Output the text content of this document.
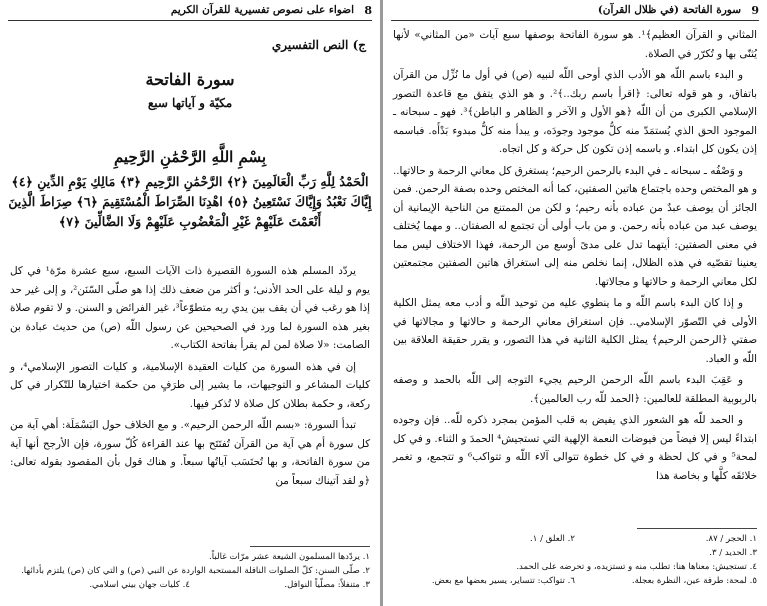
8
اضواء على نصوص تفسيرية للقرآن الكريم
ج) النص التفسيري
سورة الفاتحة
مكيّة و آياتها سبع
بِسْمِ اللَّهِ الرَّحْمَٰنِ الرَّحِيمِ
الْحَمْدُ لِلَّهِ رَبِّ الْعَالَمِينَ ﴿٢﴾ الرَّحْمَٰنِ الرَّحِيمِ ﴿٣﴾ مَالِكِ يَوْمِ الدِّينِ ﴿٤﴾ إِيَّاكَ نَعْبُدُ وَإِيَّاكَ نَسْتَعِينُ ﴿٥﴾ اهْدِنَا الصِّرَاطَ الْمُسْتَقِيمَ ﴿٦﴾ صِرَاطَ الَّذِينَ أَنْعَمْتَ عَلَيْهِمْ غَيْرِ الْمَغْضُوبِ عَلَيْهِمْ وَلَا الضَّالِّينَ ﴿٧﴾

يردّد المسلم هذه السورة القصيرة ذات الآيات السبع، سبع عشرة مرّة¹ في كل يوم و ليلة على الحد الأدنى؛ و أكثر من ضعف ذلك إذا هو صلّى السّنَن²، و إلى غير حد إذا هو رغب في أن يقف بين يدي ربه متطوّعاً³، غير الفرائض و السنن. و لا تقوم صلاة بغير هذه السورة لما ورد في الصحيحين عن رسول اللّه (ص) من حديث عبادة بن الصامت: «لا صلاة لمن لم يقرأ بفاتحة الكتاب».

إن في هذه السورة من كليات العقيدة الإسلامية، و كليات التصور الإسلامي⁴، و كليات المشاعر و التوجيهات، ما يشير إلى طرَفٍ من حكمة اختيارها للتّكرار في كل ركعة، و حكمة بطلان كل صلاة لا تُذكر فيها.

تبدأ السورة: «بسم اللّه الرحمن الرحيم». و مع الخلاف حول البَسْمَلَة: أهي آية من كل سورة أم هي آية من القرآن تُفتَتَح بها عند القراءة كُلّ سورة، فإن الأرجح أنها آية من سورة الفاتحة، و بها تُحتَسَب آياتُها سبعاً. و هناك قول بأن المقصود بقوله تعالى: ﴿و لقد آتيناك سبعاً من

١. يردّدها المسلمون الشيعة عشر مرّات غالباً.
٢. صلّى السنن: كلّ الصلوات النافلة المستحبة الواردة عن النبي (ص) و التي كان (ص) يلتزم بأدائها.
٣. متنفلاً: مصلّياً النوافل.
٤. كليات جهان بيني اسلامي.
9
سورة الفاتحة (في ظلال القرآن)

المثاني و القرآن العظيم﴾¹. هو سورة الفاتحة بوصفها سبع آيات «من المثاني» لأنها يُثنّى بها و تُكرّر في الصلاة.

و البدء باسم اللّه هو الأدب الذي أوحى اللّه لنبيه (ص) في أول ما نُزِّل من القرآن باتفاق، و هو قوله تعالى: ﴿اقرأ باسم ربك..﴾². و هو الذي يتفق مع قاعدة التصور الإسلامي الكبرى من أن اللّه ﴿هو الأول و الآخر و الظاهر و الباطن﴾³. فهو ـ سبحانه ـ الموجود الحق الذي يُستمَدّ منه كلُّ موجود وجودَه، و يبدأ منه كلُّ مبدوء بَدْأَه. فباسمه إذن يكون كل ابتداء. و باسمه إذن تكون كل حركة و كل اتجاه.

و وَصْفُه ـ سبحانه ـ في البدء بالرحمن الرحيم؛ يستغرق كل معاني الرحمة و حالاتها.. و هو المختص وحده باجتماع هاتين الصفتين، كما أنه المختص وحده بصفة الرحمن. فمن الجائز أن يوصف عبدٌ من عباده بأنه رحيم؛ و لكن من الممتنع من الناحية الإيمانية أن يوصف عبد من عباده بأنه رحمن. و من باب أولى أن تجتمع له الصفتان.. و مهما يُختلف في معنى الصفتين: أيتهما تدل على مدىً أوسع من الرحمة، فهذا الاختلاف ليس مما يعنينا تقصّيه في هذه الظلال، إنما نخلص منه إلى استغراق هاتين الصفتين مجتمعتين لكل معاني الرحمة و حالاتها و مجالاتها.

و إذا كان البدء باسم اللّه و ما ينطوي عليه من توحيد اللّه و أدب معه يمثل الكلية الأولى في التّصوّر الإسلامي.. فإن استغراق معاني الرحمة و حالاتها و مجالاتها في صفتي ﴿الرحمن الرحيم﴾ يمثل الكلية الثانية في هذا التصور، و يقرر حقيقة العلاقة بين اللّه و العباد.

و عَقِبَ البدء باسم اللّه الرحمن الرحيم يجيء التوجه إلى اللّه بالحمد و وصفه بالربوبية المطلقة للعالمين: ﴿الحمد للّه رب العالمين﴾.

و الحمد للّه هو الشعور الذي يفيض به قلب المؤمن بمجرد ذكره للّه.. فإن وجوده ابتداءً ليس إلا فيضاً من فيوضات النعمة الإلهية التي تستجيش⁴ الحمدَ و الثناء. و في كل لمحة⁵ و في كل لحظة و في كل خطوة تتوالى آلاء اللّه و تتواكب⁶ و تتجمع، و تغمر خلائقَه كلَّها و بخاصة هذا

١. الحجر / ٨٧.
٢. العلق / ١.
٣. الحديد / ٣.
٤. تستجيش: معناها هنا: تطلب منه و تستزيده، و تحرضه على الحمد.
٥. لمحة: طرفة عين، النظرة بعجلة.
٦. تتواكب: تتساير، يسير بعضها مع بعض.
